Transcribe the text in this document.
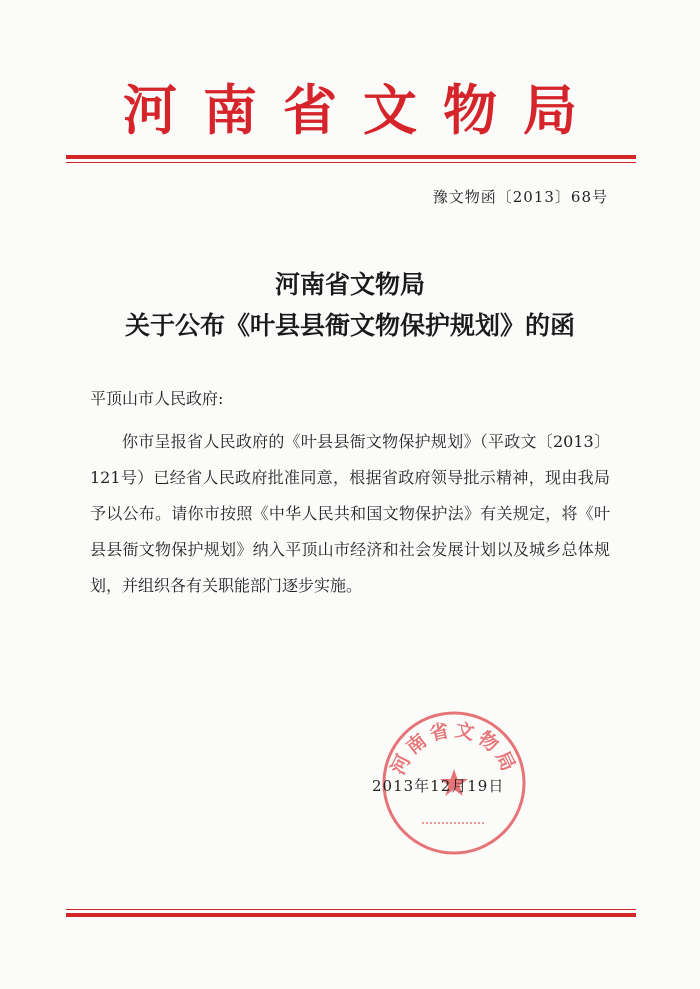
河南省文物局
豫文物函〔2013〕68号
河南省文物局
关于公布《叶县县衙文物保护规划》的函
平顶山市人民政府:

你市呈报省人民政府的《叶县县衙文物保护规划》（平政文〔2013〕121号）已经省人民政府批准同意，根据省政府领导批示精神，现由我局予以公布。请你市按照《中华人民共和国文物保护法》有关规定，将《叶县县衙文物保护规划》纳入平顶山市经济和社会发展计划以及城乡总体规划，并组织各有关职能部门逐步实施。

河南省文物局
2013年12月19日
